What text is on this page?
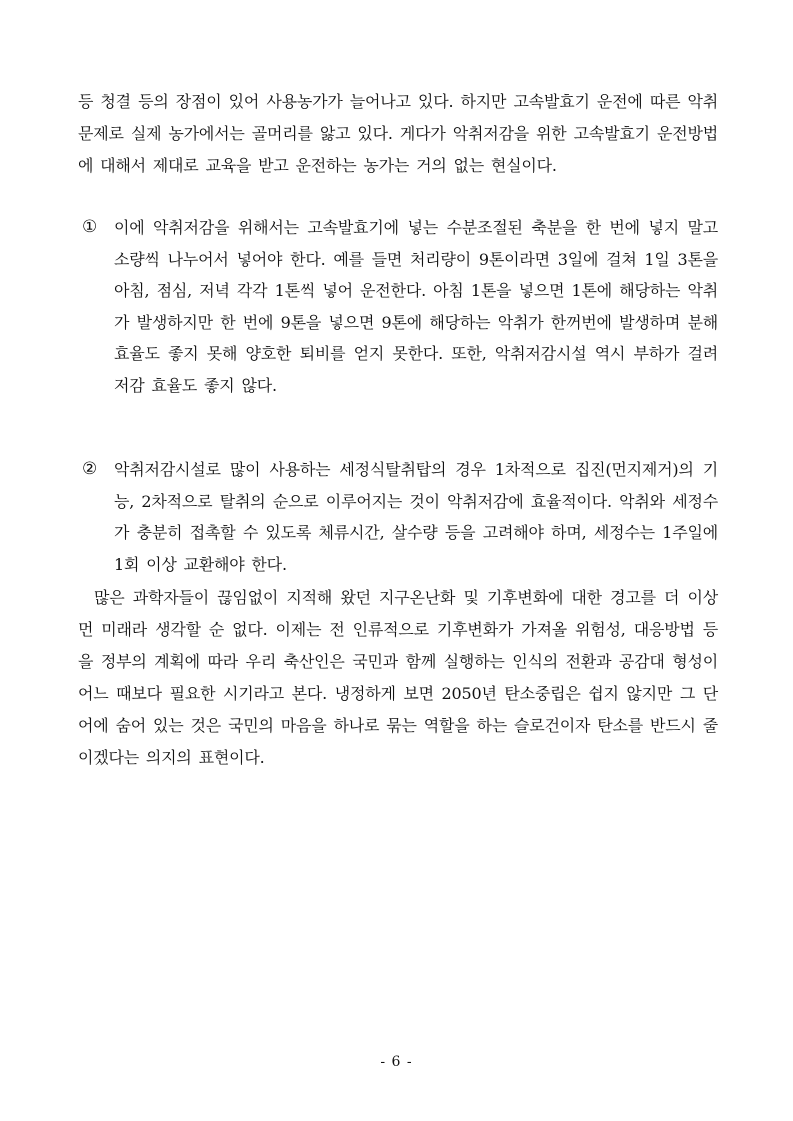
등 청결 등의 장점이 있어 사용농가가 늘어나고 있다. 하지만 고속발효기 운전에 따른 악취문제로 실제 농가에서는 골머리를 앓고 있다. 게다가 악취저감을 위한 고속발효기 운전방법에 대해서 제대로 교육을 받고 운전하는 농가는 거의 없는 현실이다.

① 이에 악취저감을 위해서는 고속발효기에 넣는 수분조절된 축분을 한 번에 넣지 말고 소량씩 나누어서 넣어야 한다. 예를 들면 처리량이 9톤이라면 3일에 걸쳐 1일 3톤을 아침, 점심, 저녁 각각 1톤씩 넣어 운전한다. 아침 1톤을 넣으면 1톤에 해당하는 악취가 발생하지만 한 번에 9톤을 넣으면 9톤에 해당하는 악취가 한꺼번에 발생하며 분해효율도 좋지 못해 양호한 퇴비를 얻지 못한다. 또한, 악취저감시설 역시 부하가 걸려 저감 효율도 좋지 않다.
② 악취저감시설로 많이 사용하는 세정식탈취탑의 경우 1차적으로 집진(먼지제거)의 기능, 2차적으로 탈취의 순으로 이루어지는 것이 악취저감에 효율적이다. 악취와 세정수가 충분히 접촉할 수 있도록 체류시간, 살수량 등을 고려해야 하며, 세정수는 1주일에 1회 이상 교환해야 한다.

많은 과학자들이 끊임없이 지적해 왔던 지구온난화 및 기후변화에 대한 경고를 더 이상 먼 미래라 생각할 순 없다. 이제는 전 인류적으로 기후변화가 가져올 위험성, 대응방법 등을 정부의 계획에 따라 우리 축산인은 국민과 함께 실행하는 인식의 전환과 공감대 형성이 어느 때보다 필요한 시기라고 본다. 냉정하게 보면 2050년 탄소중립은 쉽지 않지만 그 단어에 숨어 있는 것은 국민의 마음을 하나로 묶는 역할을 하는 슬로건이자 탄소를 반드시 줄이겠다는 의지의 표현이다.

- 6 -
